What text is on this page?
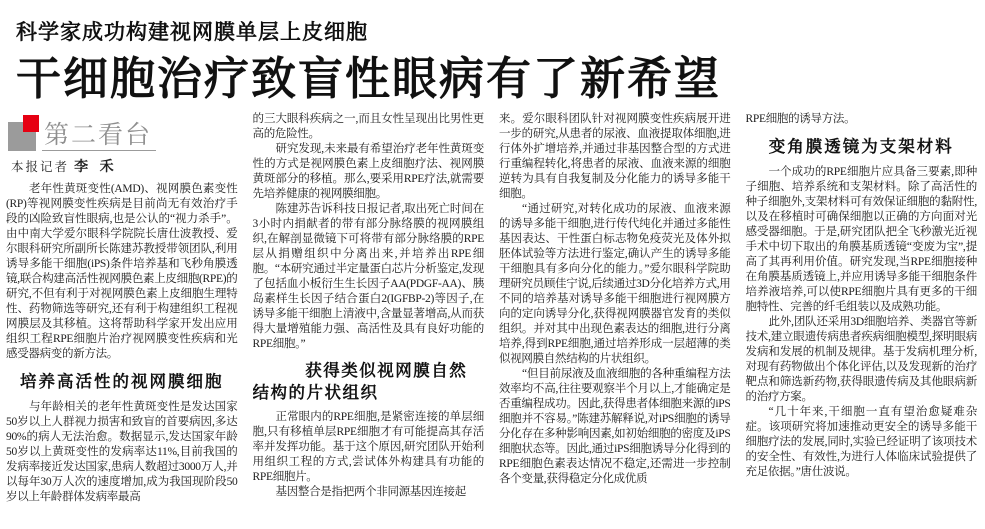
科学家成功构建视网膜单层上皮细胞
干细胞治疗致盲性眼病有了新希望
第二看台
本报记者 李 禾

老年性黄斑变性(AMD)、视网膜色素变性(RP)等视网膜变性疾病是目前尚无有效治疗手段的凶险致盲性眼病,也是公认的“视力杀手”。由中南大学爱尔眼科学院院长唐仕波教授、爱尔眼科研究所副所长陈建苏教授带领团队,利用诱导多能干细胞(iPS)条件培养基和飞秒角膜透镜,联合构建高活性视网膜色素上皮细胞(RPE)的研究,不但有利于对视网膜色素上皮细胞生理特性、药物筛选等研究,还有利于构建组织工程视网膜层及其移植。这将帮助科学家开发出应用组织工程RPE细胞片治疗视网膜变性疾病和光感受器病变的新方法。

培养高活性的视网膜细胞

与年龄相关的老年性黄斑变性是发达国家50岁以上人群视力损害和致盲的首要病因,多达90%的病人无法治愈。数据显示,发达国家年龄50岁以上黄斑变性的发病率达11%,目前我国的发病率接近发达国家,患病人数超过3000万人,并以每年30万人次的速度增加,成为我国现阶段50岁以上年龄群体发病率最高

的三大眼科疾病之一,而且女性呈现出比男性更高的危险性。

研究发现,未来最有希望治疗老年性黄斑变性的方式是视网膜色素上皮细胞疗法、视网膜黄斑部分的移植。那么,要采用RPE疗法,就需要先培养健康的视网膜细胞。

陈建苏告诉科技日报记者,取出死亡时间在3小时内捐献者的带有部分脉络膜的视网膜组织,在解剖显微镜下可将带有部分脉络膜的RPE层从捐赠组织中分离出来,并培养出RPE细胞。“本研究通过半定量蛋白芯片分析鉴定,发现了包括血小板衍生生长因子AA(PDGF-AA)、胰岛素样生长因子结合蛋白2(IGFBP-2)等因子,在诱导多能干细胞上清液中,含量显著增高,从而获得大量增殖能力强、高活性及具有良好功能的RPE细胞。”

获得类似视网膜自然结构的片状组织

正常眼内的RPE细胞,是紧密连接的单层细胞,只有移植单层RPE细胞才有可能提高其存活率并发挥功能。基于这个原因,研究团队开始利用组织工程的方式,尝试体外构建具有功能的RPE细胞片。

基因整合是指把两个非同源基因连接起

来。爱尔眼科团队针对视网膜变性疾病展开进一步的研究,从患者的尿液、血液提取体细胞,进行体外扩增培养,并通过非基因整合型的方式进行重编程转化,将患者的尿液、血液来源的细胞逆转为具有自我复制及分化能力的诱导多能干细胞。

“通过研究,对转化成功的尿液、血液来源的诱导多能干细胞,进行传代纯化并通过多能性基因表达、干性蛋白标志物免疫荧光及体外拟胚体试验等方法进行鉴定,确认产生的诱导多能干细胞具有多向分化的能力。”爱尔眼科学院助理研究员顾佳宁说,后续通过3D分化培养方式,用不同的培养基对诱导多能干细胞进行视网膜方向的定向诱导分化,获得视网膜器官发育的类似组织。并对其中出现色素表达的细胞,进行分离培养,得到RPE细胞,通过培养形成一层超薄的类似视网膜自然结构的片状组织。

“但目前尿液及血液细胞的各种重编程方法效率均不高,往往要观察半个月以上,才能确定是否重编程成功。因此,获得患者体细胞来源的iPS细胞并不容易。”陈建苏解释说,对iPS细胞的诱导分化存在多种影响因素,如初始细胞的密度及iPS细胞状态等。因此,通过iPS细胞诱导分化得到的RPE细胞色素表达情况不稳定,还需进一步控制各个变量,获得稳定分化成优质

RPE细胞的诱导方法。

变角膜透镜为支架材料

一个成功的RPE细胞片应具备三要素,即种子细胞、培养系统和支架材料。除了高活性的种子细胞外,支架材料可有效保证细胞的黏附性,以及在移植时可确保细胞以正确的方向面对光感受器细胞。于是,研究团队把全飞秒激光近视手术中切下取出的角膜基质透镜“变废为宝”,提高了其再利用价值。研究发现,当RPE细胞接种在角膜基质透镜上,并应用诱导多能干细胞条件培养液培养,可以使RPE细胞片具有更多的干细胞特性、完善的纤毛组装以及成熟功能。

此外,团队还采用3D细胞培养、类器官等新技术,建立眼遗传病患者疾病细胞模型,探明眼病发病和发展的机制及规律。基于发病机理分析,对现有药物做出个体化评估,以及发现新的治疗靶点和筛选新药物,获得眼遗传病及其他眼病新的治疗方案。

“几十年来,干细胞一直有望治愈疑难杂症。该项研究将加速推动更安全的诱导多能干细胞疗法的发展,同时,实验已经证明了该项技术的安全性、有效性,为进行人体临床试验提供了充足依据。”唐仕波说。
